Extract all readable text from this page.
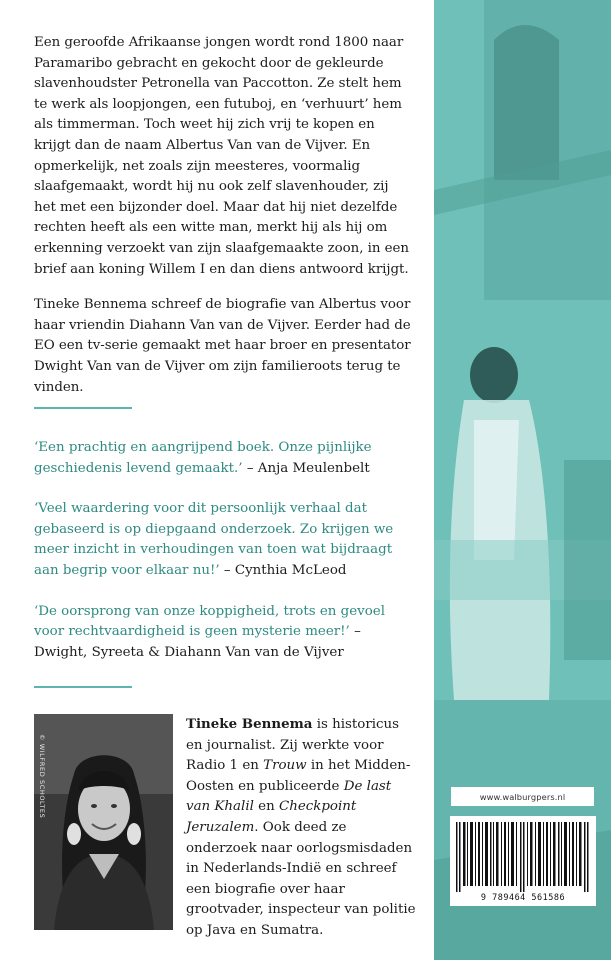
Een geroofde Afrikaanse jongen wordt rond 1800 naar Paramaribo gebracht en gekocht door de gekleurde slavenhoudster Petronella van Paccotton. Ze stelt hem te werk als loopjongen, een futuboj, en ‘verhuurt’ hem als timmerman. Toch weet hij zich vrij te kopen en krijgt dan de naam Albertus Van van de Vijver. En opmerkelijk, net zoals zijn meesteres, voormalig slaafgemaakt, wordt hij nu ook zelf slavenhouder, zij het met een bijzonder doel. Maar dat hij niet dezelfde rechten heeft als een witte man, merkt hij als hij om erkenning verzoekt van zijn slaafgemaakte zoon, in een brief aan koning Willem I en dan diens antwoord krijgt.

Tineke Bennema schreef de biografie van Albertus voor haar vriendin Diahann Van van de Vijver. Eerder had de EO een tv-serie gemaakt met haar broer en presentator Dwight Van van de Vijver om zijn familieroots terug te vinden.

‘Een prachtig en aangrijpend boek. Onze pijnlijke geschiedenis levend gemaakt.’ – Anja Meulenbelt

‘Veel waardering voor dit persoonlijk verhaal dat gebaseerd is op diepgaand onderzoek. Zo krijgen we meer inzicht in verhoudingen van toen wat bijdraagt aan begrip voor elkaar nu!’ – Cynthia McLeod

‘De oorsprong van onze koppigheid, trots en gevoel voor rechtvaardigheid is geen mysterie meer!’ – Dwight, Syreeta & Diahann Van van de Vijver

© WILFRED SCHOLTES

Tineke Bennema is historicus en journalist. Zij werkte voor Radio 1 en Trouw in het Midden-Oosten en publiceerde De last van Khalil en Checkpoint Jeruzalem. Ook deed ze onderzoek naar oorlogsmisdaden in Nederlands-Indië en schreef een biografie over haar grootvader, inspecteur van politie op Java en Sumatra.

www.walburgpers.nl
9 789464 561586
